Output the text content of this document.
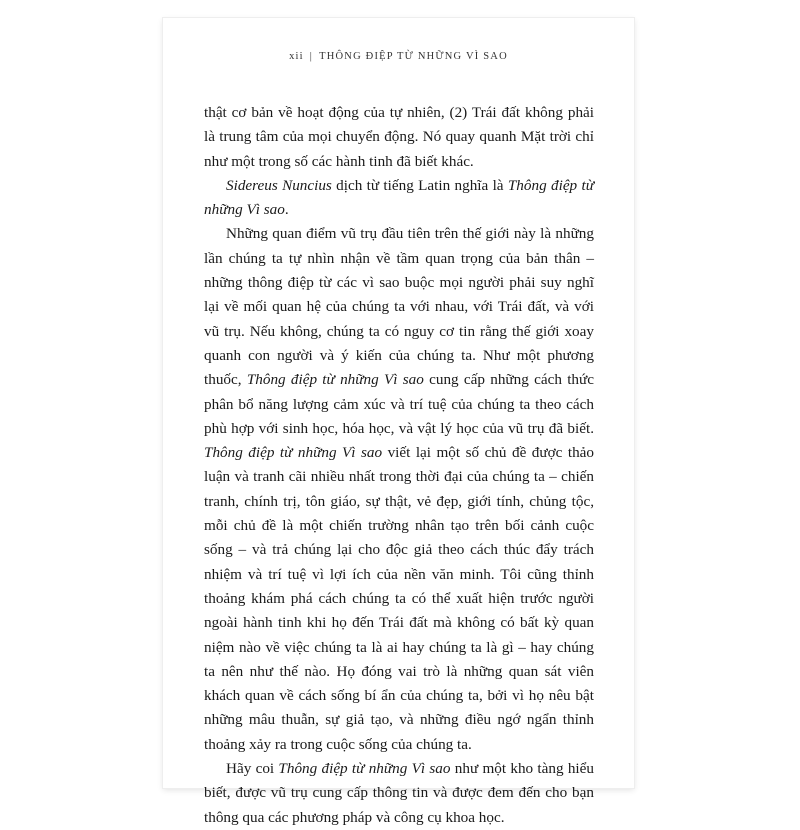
xii | THÔNG ĐIỆP TỪ NHỮNG VÌ SAO

thật cơ bản về hoạt động của tự nhiên, (2) Trái đất không phải là trung tâm của mọi chuyển động. Nó quay quanh Mặt trời chỉ như một trong số các hành tinh đã biết khác.

Sidereus Nuncius dịch từ tiếng Latin nghĩa là Thông điệp từ những Vì sao.

Những quan điểm vũ trụ đầu tiên trên thế giới này là những lần chúng ta tự nhìn nhận về tầm quan trọng của bản thân – những thông điệp từ các vì sao buộc mọi người phải suy nghĩ lại về mối quan hệ của chúng ta với nhau, với Trái đất, và với vũ trụ. Nếu không, chúng ta có nguy cơ tin rằng thế giới xoay quanh con người và ý kiến của chúng ta. Như một phương thuốc, Thông điệp từ những Vì sao cung cấp những cách thức phân bổ năng lượng cảm xúc và trí tuệ của chúng ta theo cách phù hợp với sinh học, hóa học, và vật lý học của vũ trụ đã biết. Thông điệp từ những Vì sao viết lại một số chủ đề được thảo luận và tranh cãi nhiều nhất trong thời đại của chúng ta – chiến tranh, chính trị, tôn giáo, sự thật, vẻ đẹp, giới tính, chủng tộc, mỗi chủ đề là một chiến trường nhân tạo trên bối cảnh cuộc sống – và trả chúng lại cho độc giả theo cách thúc đẩy trách nhiệm và trí tuệ vì lợi ích của nền văn minh. Tôi cũng thỉnh thoảng khám phá cách chúng ta có thể xuất hiện trước người ngoài hành tinh khi họ đến Trái đất mà không có bất kỳ quan niệm nào về việc chúng ta là ai hay chúng ta là gì – hay chúng ta nên như thế nào. Họ đóng vai trò là những quan sát viên khách quan về cách sống bí ẩn của chúng ta, bởi vì họ nêu bật những mâu thuẫn, sự giả tạo, và những điều ngớ ngẩn thỉnh thoảng xảy ra trong cuộc sống của chúng ta.

Hãy coi Thông điệp từ những Vì sao như một kho tàng hiểu biết, được vũ trụ cung cấp thông tin và được đem đến cho bạn thông qua các phương pháp và công cụ khoa học.
